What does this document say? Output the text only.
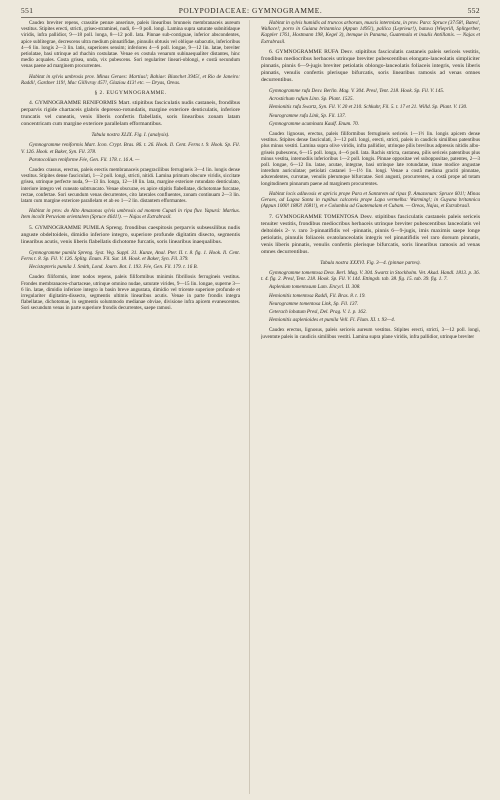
551	POLYPODIACEAE: GYMNOGRAMME.	552

Caudex breviter repens, crassitie pennæ anserinæ, paleis linearibus brunneis membranaceis aureum vestitus. Stipites erecti, stricti, griseo-straminei, nudi, 6—9 poll. longi. Lamina supra saturate subnitidaque viridis, infra pallidior, 9—18 poll. longa, 8—12 poll. lata. Pinnae sub-contiguae, inferior abscondentes, apice sublitegrae, decrescens ultra medium pinnatifidae, pinnulis obtusis vel oblique subacutis, inferioribus 4—6 lin. longis 2—3 lin. latis, superiores sensim; inferiores 4—6 poll. longae, 9—12 lin. latae, breviter petiolatae, basi utrinque ad rhachin costulatae. Venae ex costula venarum subinaequaliter distantes, hinc medio acquales. Costa grisea, unda, vix pubescens. Sori regulariter lineari-oblongi, e costâ secundum venas paene ad marginem procurrentes.

Habitat in sylvis umbrosis prov. Minas Geraes: Martius!; Bahiae: Blanchet 3945!, et Rio de Janeiro: Raddi!, Gardner 119!, Mac Gillivray 457!, Glaziou 413! etc. — Dryas, Oreas.

§ 2. EUGYMNOGRAMME.

4. GYMNOGRAMME RENIFORMIS Mart. stipitibus fasciculatis nudis castaneis, frondibus perparvis rigide chartaceis glabris depresso-rotundatis, margine exteriore denticulatis, inferiore truncatis vel cuneatis, venis liberis confertis flabellatis, soris linearibus zonam latam concentricam cum margine exteriore parallelam efformantibus.

Tabula nostra XLIX. Fig. I. (analysis).

Gymnogramme reniformis Mart. Icon. Crypt. Bras. 86. t. 26. Hook. Il. Cent. Ferns t. 9. Hook. Sp. Fil. V. 126. Hook. et Baker, Syn. Fil. 378.

Parotocolium reniforme Fée, Gen. Fil. 178. t. 16 A. —

Caudex crassus, erectus, paleis erectis membranaceis praegracilibus ferrugineis 3—4 lin. longis dense vestitus. Stipites dense fasciculati, 1—2 poll. longi, stricti, nitidi. Lamina primum obscure viridis, siccitate grisea, utrinque perfecte nuda, 9—13 lin. longa, 12—18 lin. lata, margine exteriore rotundato denticulato, interiore integro vel cuneato subtruncato. Venae obscurae, ex apice stipitis flabellatae, dichotomae furcatae, rectae, confertae. Sori secundum venas decurrentes, cito laterales confluentes, zonam continuam 2—3 lin. latam cum margine exteriore parallelam et ab eo 1—2 lin. distantem efformantes.

Habitat in prov. do Alto Amazonas sylvis umbrosis ad montem Cupati in ripa fluv. Yapurá: Martius. Item incolit Peruviam orientalem (Spruce 4641!). — Najas et Extrabrasil.

5. GYMNOGRAMME PUMILA Spreng. frondibus caespitosis perparvis subsessilibus nudis anguste obdeltoideis, dimidio inferiore integro, superiore profunde digitatim disecto, segmentis linearibus acutis, venis liberis flabellatis dichotome furcatis, soris linearibus inaequalibus.

Gymnogramme pumila Spreng. Syst. Veg. Suppl. 31. Kunze, Anal. Pter. II. t. 8. fig. 1. Hook. Il. Cent. Ferns t. 8. Sp. Fil. V. 126. Splitg. Enum. Fil. Sur. 18. Hook. et Baker, Syn. Fil. 379.

Hecistopteris pumila J. Smith, Lond. Journ. Bot. I. 193. Fée, Gen. Fil. 179. t. 16 B.

Caudex filiformis, inter nodos repens, paleis filiformibus minimis fibrillosis ferrugineis vestitus. Frondes membranaceo-chartaceae, utrinque omnino nudae, saturate virides, 9—15 lin. longae, superne 3—6 lin. latae, dimidio inferiore integro in basin breve angustata, dimidio vel tricente superiore profunde et irregulariter digitatim-dissecto, segmentis ultimis linearibus acutis. Venae in parte frondis integra flabellatae, dichotomae, in segmentis solummodo medianae obviae, divisione infra apicem evanescentes. Sori secundum venas in parte superiore frondis decurrentes, saepe ramosi.

Habitat in sylvis humidis ad truncos arborum, muscis intermixta, in prov. Para: Spruce (37/58!, Bates!, Wallace!; porro in Guiana britannica (Appun 1495!), pallica (Leprieur!), batava (Wieprill, Splitgerber, Kappler 1761, Hostmann 198, Kegel 3), itemque in Panama, Guatemala et insulis Antillanis. — Najas et Extrabrasil.

6. GYMNOGRAMME RUFA Desv. stipitibus fasciculatis castaneis paleis sericeis vestitis, frondibus mediocribus herbaceis utrinque breviter pubescentibus elongato-lanceolatis simpliciter pinnatis, pinnis 6—9-jugis breviter petiolatis oblongo-lanceolatis foliaceis integris, venis liberis pinnatis, venulis confertis plerisque bifurcatis, soris linearibus ramosis ad venas omnes decurrentibus.

Gymnogramme rufa Desv. Berlin. Mag. V. 304. Presl, Tent. 218. Hook. Sp. Fil. V. 145.

Acrostichum rufum Linn. Sp. Plant. 1525.

Hemionitis rufa Swartz, Syn. Fil. V. 20 et 210. Schkuhr, Fil. 5. t. 17 et 21. Willd. Sp. Plant. V. 130.

Neurogramme rufa Link, Sp. Fil. 137.

Gymnogramme acuminata Kaulf. Enum. 70.

Caudex lignosus, erectus, paleis filiformibus ferrugineis sericeis 1—1½ lin. longis apicem dense vestitus. Stipites dense fasciculati, 3—12 poll. longi, erecti, stricti, paleis in caudicis similibus patentibus plus minus vestiti. Lamina supra olive viridis, infra pallidior, utrinque pilis brevibus adpressis nitidis albo-griseis pubescens, 6—15 poll. longa, 4—6 poll. lata. Rachis stricta, castanea, pilis sericeis patentibus plus minus vestita, internodiis inferioribus 1—2 poll. longis. Pinnae oppositae vel suboppositae, patentes, 2—3 poll. longae, 6—12 lin. latae, acutae, integrae, basi utrinque late rotundatae, imae modice angustae interdum auriculatae; petiolati castanei 1—1½ lin. longi. Venae a costâ mediana graciti pinnatae, adscendentes, curvatae, venulis plerumque bifurcatae. Sori angusti, procurrentes, a costâ prope ad totam longitudinem pinnarum paene ad marginem procurrentes.

Habitat locis adluvosis et apricis prope Para et Santarem ad ripas fl. Amazonum: Spruce 601!; Minas Geraes, ad Lagoa Santa in rupibus calcareis prope Lapa vermelha: Warming!; in Guyana britannica (Appun 1000! 1883! 1681!), et e Columbia ad Guatemalam et Cubam. — Oreas, Najas, et Extrabrasil.

7. GYMNOGRAMME TOMENTOSA Desv. stipitibus fasciculatis castaneis paleis sericeis tenuiter vestitis, frondibus mediocribus herbaceis utrinque breviter pubescentibus lanceolatis vel deltoideis 2- v. raro 3-pinnatifidis vel -pinnatis, pinnis 6—9-jugis, imis maximis saepe longe petiolatis, pinnulis foliaceis ovatolanceolatis integris vel pinnatifidis vel raro dorsum pinnatis, venis liberis pinnatis, venulis confertis plerisque bifurcatis, soris linearibus ramosis ad venas omnes decurrentibus.

Tabula nostra XXXVI. Fig. 3—4. (pinnae partes).

Gymnogramme tomentosa Desv. Berl. Mag. V. 304. Swartz in Stockholm. Vet. Akad. Handl. 1813. p. 36. t. 4. fig. 2. Presl, Tent. 218. Hook. Sp. Fil. V. 144. Ettingsh. tab. 38. fig. 15. tab. 39. fig. 1. 7.

Asplenium tomentosum Lam. Encycl. II. 308.

Hemionitis tomentosa Raddi, Fil. Bras. 8. t. 19.

Neurogramme tomentosa Link, Sp. Fil. 137.

Ceterach lobatum Presl, Del. Prag. V. 1. p. 162.

Hemionitis asplenioides et pumila Vell. Fl. Flum. XI. t. 93—4.

Caudex erectus, lignosus, paleis sericeis aureum vestitus. Stipites erecti, stricti, 3—12 poll. longi, juventute paleis in caudicis similibus vestiti. Lamina supra plane viridis, infra pallidior, utrinque breviter
